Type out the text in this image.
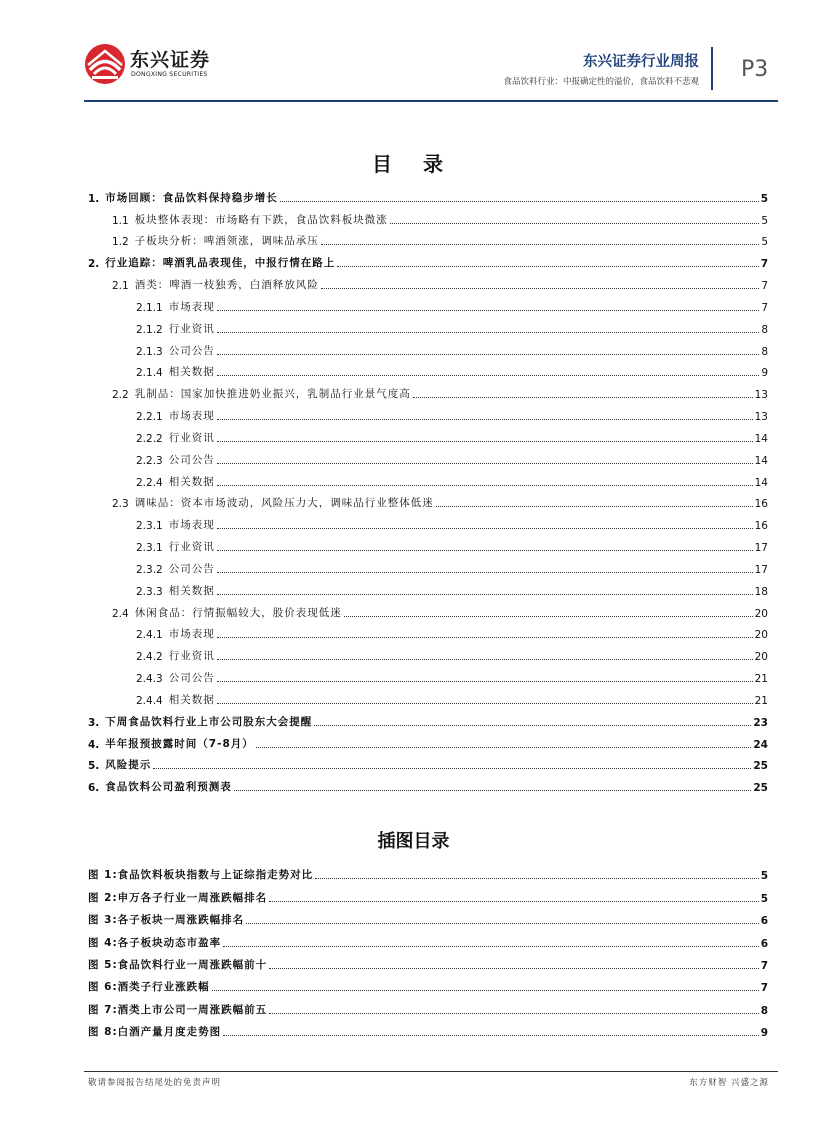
东兴证券
DONGXING SECURITIES
东兴证券行业周报
食品饮料行业：中报确定性的溢价，食品饮料不悲观 P3
目 录
1. 市场回顾：食品饮料保持稳步增长	5
1.1 板块整体表现：市场略有下跌，食品饮料板块微涨	5
1.2 子板块分析：啤酒领涨，调味品承压	5
2. 行业追踪：啤酒乳品表现佳，中报行情在路上	7
2.1 酒类：啤酒一枝独秀，白酒释放风险	7
2.1.1 市场表现	7
2.1.2 行业资讯	8
2.1.3 公司公告	8
2.1.4 相关数据	9
2.2 乳制品：国家加快推进奶业振兴，乳制品行业景气度高	13
2.2.1 市场表现	13
2.2.2 行业资讯	14
2.2.3 公司公告	14
2.2.4 相关数据	14
2.3 调味品：资本市场波动，风险压力大，调味品行业整体低迷	16
2.3.1 市场表现	16
2.3.1 行业资讯	17
2.3.2 公司公告	17
2.3.3 相关数据	18
2.4 休闲食品：行情振幅较大，股价表现低迷	20
2.4.1 市场表现	20
2.4.2 行业资讯	20
2.4.3 公司公告	21
2.4.4 相关数据	21
3. 下周食品饮料行业上市公司股东大会提醒	23
4. 半年报预披露时间（7-8月）	24
5. 风险提示	25
6. 食品饮料公司盈利预测表	25
插图目录
图 1:食品饮料板块指数与上证综指走势对比	5
图 2:申万各子行业一周涨跌幅排名	5
图 3:各子板块一周涨跌幅排名	6
图 4:各子板块动态市盈率	6
图 5:食品饮料行业一周涨跌幅前十	7
图 6:酒类子行业涨跌幅	7
图 7:酒类上市公司一周涨跌幅前五	8
图 8:白酒产量月度走势图	9
敬请参阅报告结尾处的免责声明	东方财智 兴盛之源
